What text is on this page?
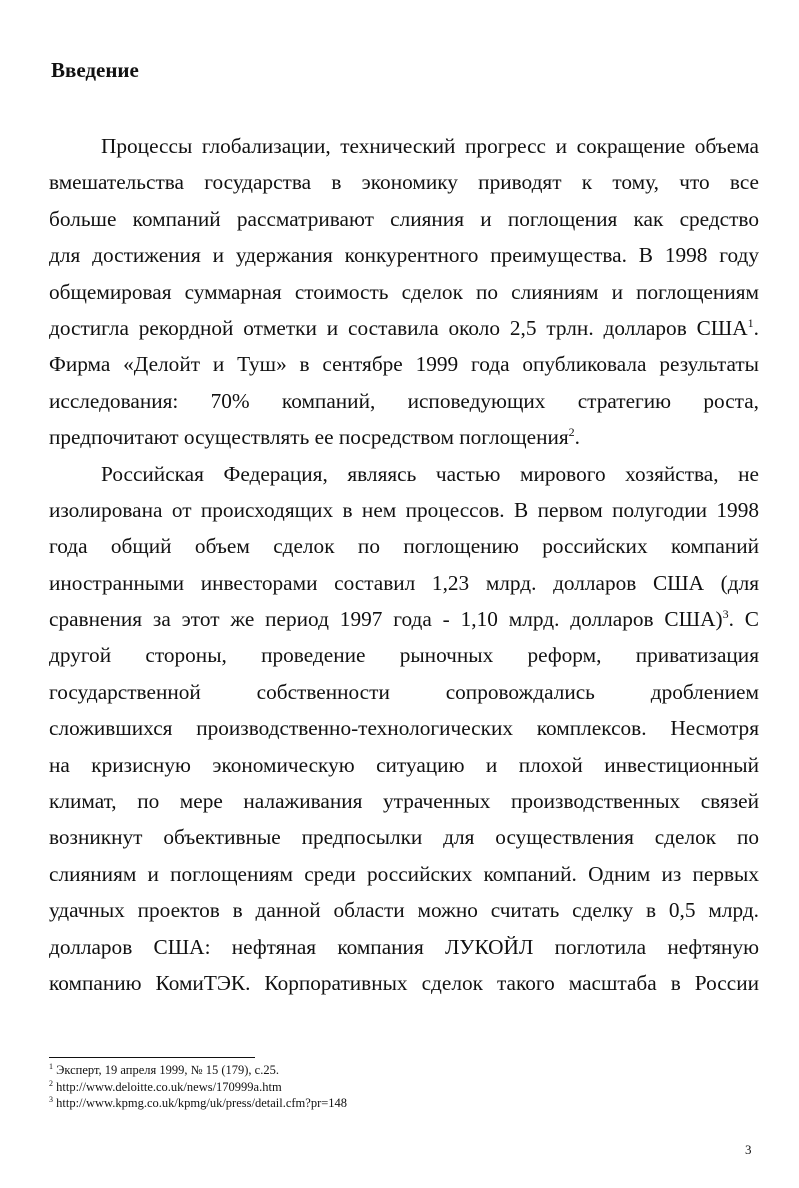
Введение
Процессы глобализации, технический прогресс и сокращение объема
вмешательства государства в экономику приводят к тому, что все
больше компаний рассматривают слияния и поглощения как средство
для достижения и удержания конкурентного преимущества. В 1998 году
общемировая суммарная стоимость сделок по слияниям и поглощениям
достигла рекордной отметки и составила около 2,5 трлн. долларов США$^1$.
Фирма «Делойт и Туш» в сентябре 1999 года опубликовала результаты
исследования: 70% компаний, исповедующих стратегию роста,
предпочитают осуществлять ее посредством поглощения$^2$.
Российская Федерация, являясь частью мирового хозяйства, не
изолирована от происходящих в нем процессов. В первом полугодии 1998
года общий объем сделок по поглощению российских компаний
иностранными инвесторами составил 1,23 млрд. долларов США (для
сравнения за этот же период 1997 года - 1,10 млрд. долларов США)$^3$. С
другой стороны, проведение рыночных реформ, приватизация
государственной собственности сопровождались дроблением
сложившихся производственно-технологических комплексов. Несмотря
на кризисную экономическую ситуацию и плохой инвестиционный
климат, по мере налаживания утраченных производственных связей
возникнут объективные предпосылки для осуществления сделок по
слияниям и поглощениям среди российских компаний. Одним из первых
удачных проектов в данной области можно считать сделку в 0,5 млрд.
долларов США: нефтяная компания ЛУКОЙЛ поглотила нефтяную
компанию КомиТЭК. Корпоративных сделок такого масштаба в России
$^1$ Эксперт, 19 апреля 1999, № 15 (179), с.25.
$^2$ http://www.deloitte.co.uk/news/170999a.htm
$^3$ http://www.kpmg.co.uk/kpmg/uk/press/detail.cfm?pr=148
3
